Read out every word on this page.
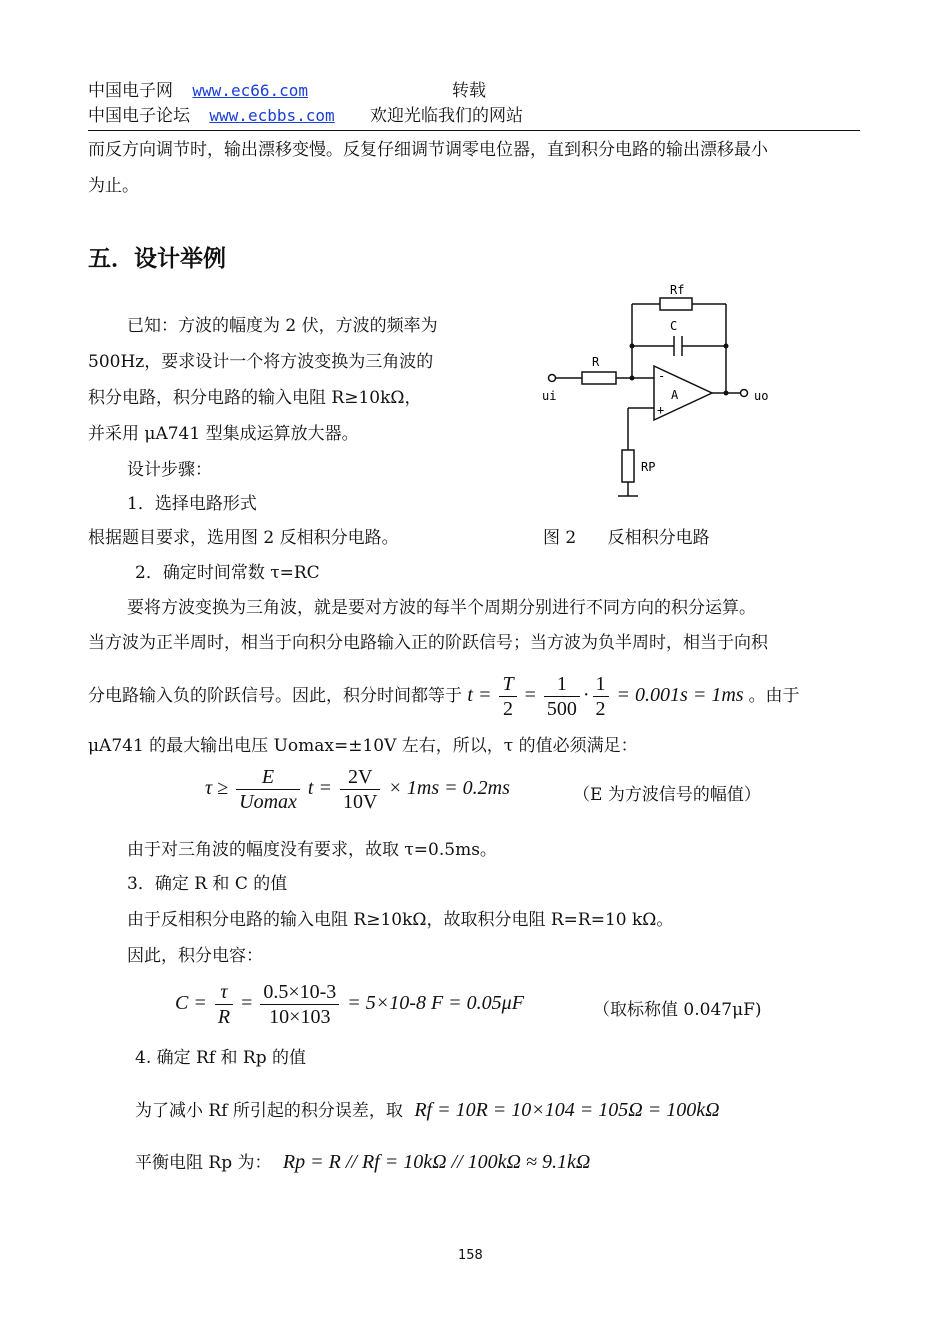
中国电子网 www.ec66.com	转载
中国电子论坛 www.ecbbs.com 欢迎光临我们的网站
而反方向调节时，输出漂移变慢。反复仔细调节调零电位器，直到积分电路的输出漂移最小
为止。
五．设计举例
已知：方波的幅度为 2 伏，方波的频率为
500Hz，要求设计一个将方波变换为三角波的
积分电路，积分电路的输入电阻 R≥10kΩ，
并采用 μA741 型集成运算放大器。
设计步骤：
1．选择电路形式
根据题目要求，选用图 2 反相积分电路。
Rf
C
R
-
A
+
ui	uo
RP
图 2 反相积分电路
2．确定时间常数 τ=RC
要将方波变换为三角波，就是要对方波的每半个周期分别进行不同方向的积分运算。
当方波为正半周时，相当于向积分电路输入正的阶跃信号；当方波为负半周时，相当于向积
分电路输入负的阶跃信号。因此，积分时间都等于 $t = \frac{T}{2} = \frac{1}{500} \cdot \frac{1}{2} = 0.001s = 1ms$ 。由于
μA741 的最大输出电压 Uomax=±10V 左右，所以，τ 的值必须满足：
$\tau \ge \frac{E}{Uomax}$ $t = \frac{2V}{10V} \times 1ms = 0.2ms$	（E 为方波信号的幅值）
由于对三角波的幅度没有要求，故取 τ=0.5ms。
3．确定 R 和 C 的值
由于反相积分电路的输入电阻 R≥10kΩ，故取积分电阻 R=R=10 kΩ。
因此，积分电容：
$C = \frac{\tau}{R} = \frac{0.5\times 10-3}{10\times 103} = 5\times 10-8$ F = 0.05μF	（取标称值 0.047μF)
4. 确定 Rf 和 Rp 的值
为了减小 Rf 所引起的积分误差，取 Rf = 10R = 10×104 = 105Ω = 100kΩ
平衡电阻 Rp 为： Rp = R // Rf = 10kΩ // 100kΩ ≈ 9.1kΩ
158
